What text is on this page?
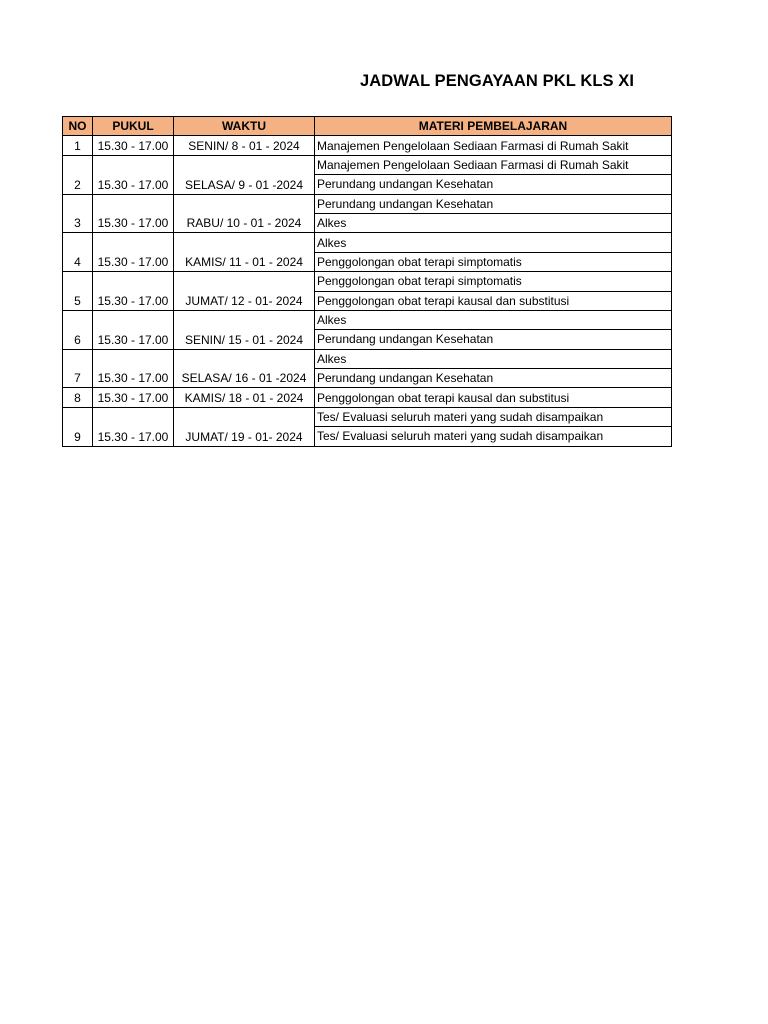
JADWAL PENGAYAAN PKL KLS XI
NO	PUKUL	WAKTU	MATERI PEMBELAJARAN
1	15.30 - 17.00	SENIN/ 8 - 01 - 2024	Manajemen Pengelolaan Sediaan Farmasi di Rumah Sakit
2	15.30 - 17.00	SELASA/ 9 - 01 -2024	Manajemen Pengelolaan Sediaan Farmasi di Rumah Sakit
			Perundang undangan Kesehatan
3	15.30 - 17.00	RABU/ 10 - 01 - 2024	Perundang undangan Kesehatan
			Alkes
4	15.30 - 17.00	KAMIS/ 11 - 01 - 2024	Alkes
			Penggolongan obat terapi simptomatis
5	15.30 - 17.00	JUMAT/ 12 - 01- 2024	Penggolongan obat terapi simptomatis
			Penggolongan obat terapi kausal dan substitusi
6	15.30 - 17.00	SENIN/ 15 - 01 - 2024	Alkes
			Perundang undangan Kesehatan
7	15.30 - 17.00	SELASA/ 16 - 01 -2024	Alkes
			Perundang undangan Kesehatan
8	15.30 - 17.00	KAMIS/ 18 - 01 - 2024	Penggolongan obat terapi kausal dan substitusi
9	15.30 - 17.00	JUMAT/ 19 - 01- 2024	Tes/ Evaluasi seluruh materi yang sudah disampaikan
			Tes/ Evaluasi seluruh materi yang sudah disampaikan
